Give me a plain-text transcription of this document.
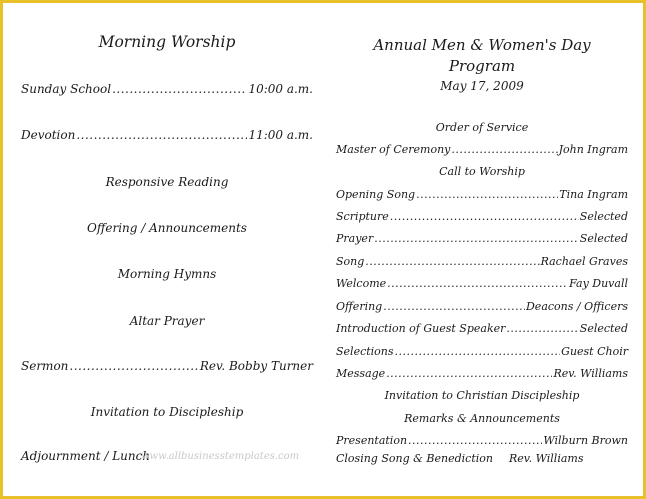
Morning Worship
Sunday School .....	10:00 a.m.
Devotion .....	11:00 a.m.
Responsive Reading
Offering / Announcements
Morning Hymns
Altar Prayer
Sermon .....	Rev. Bobby Turner
Invitation to Discipleship
Adjournment / Lunch
www.allbusinesstemplates.com
Annual Men & Women's Day
Program
May 17, 2009
Order of Service
Master of Ceremony .....	John Ingram
Call to Worship
Opening Song .....	Tina Ingram
Scripture .....	Selected
Prayer .....	Selected
Song .....	Rachael Graves
Welcome .....	Fay Duvall
Offering .....	Deacons / Officers
Introduction of Guest Speaker .....	Selected
Selections .....	Guest Choir
Message .....	Rev. Williams
Invitation to Christian Discipleship
Remarks & Announcements
Presentation .....	Wilburn Brown
Closing Song & Benediction Rev. Williams
